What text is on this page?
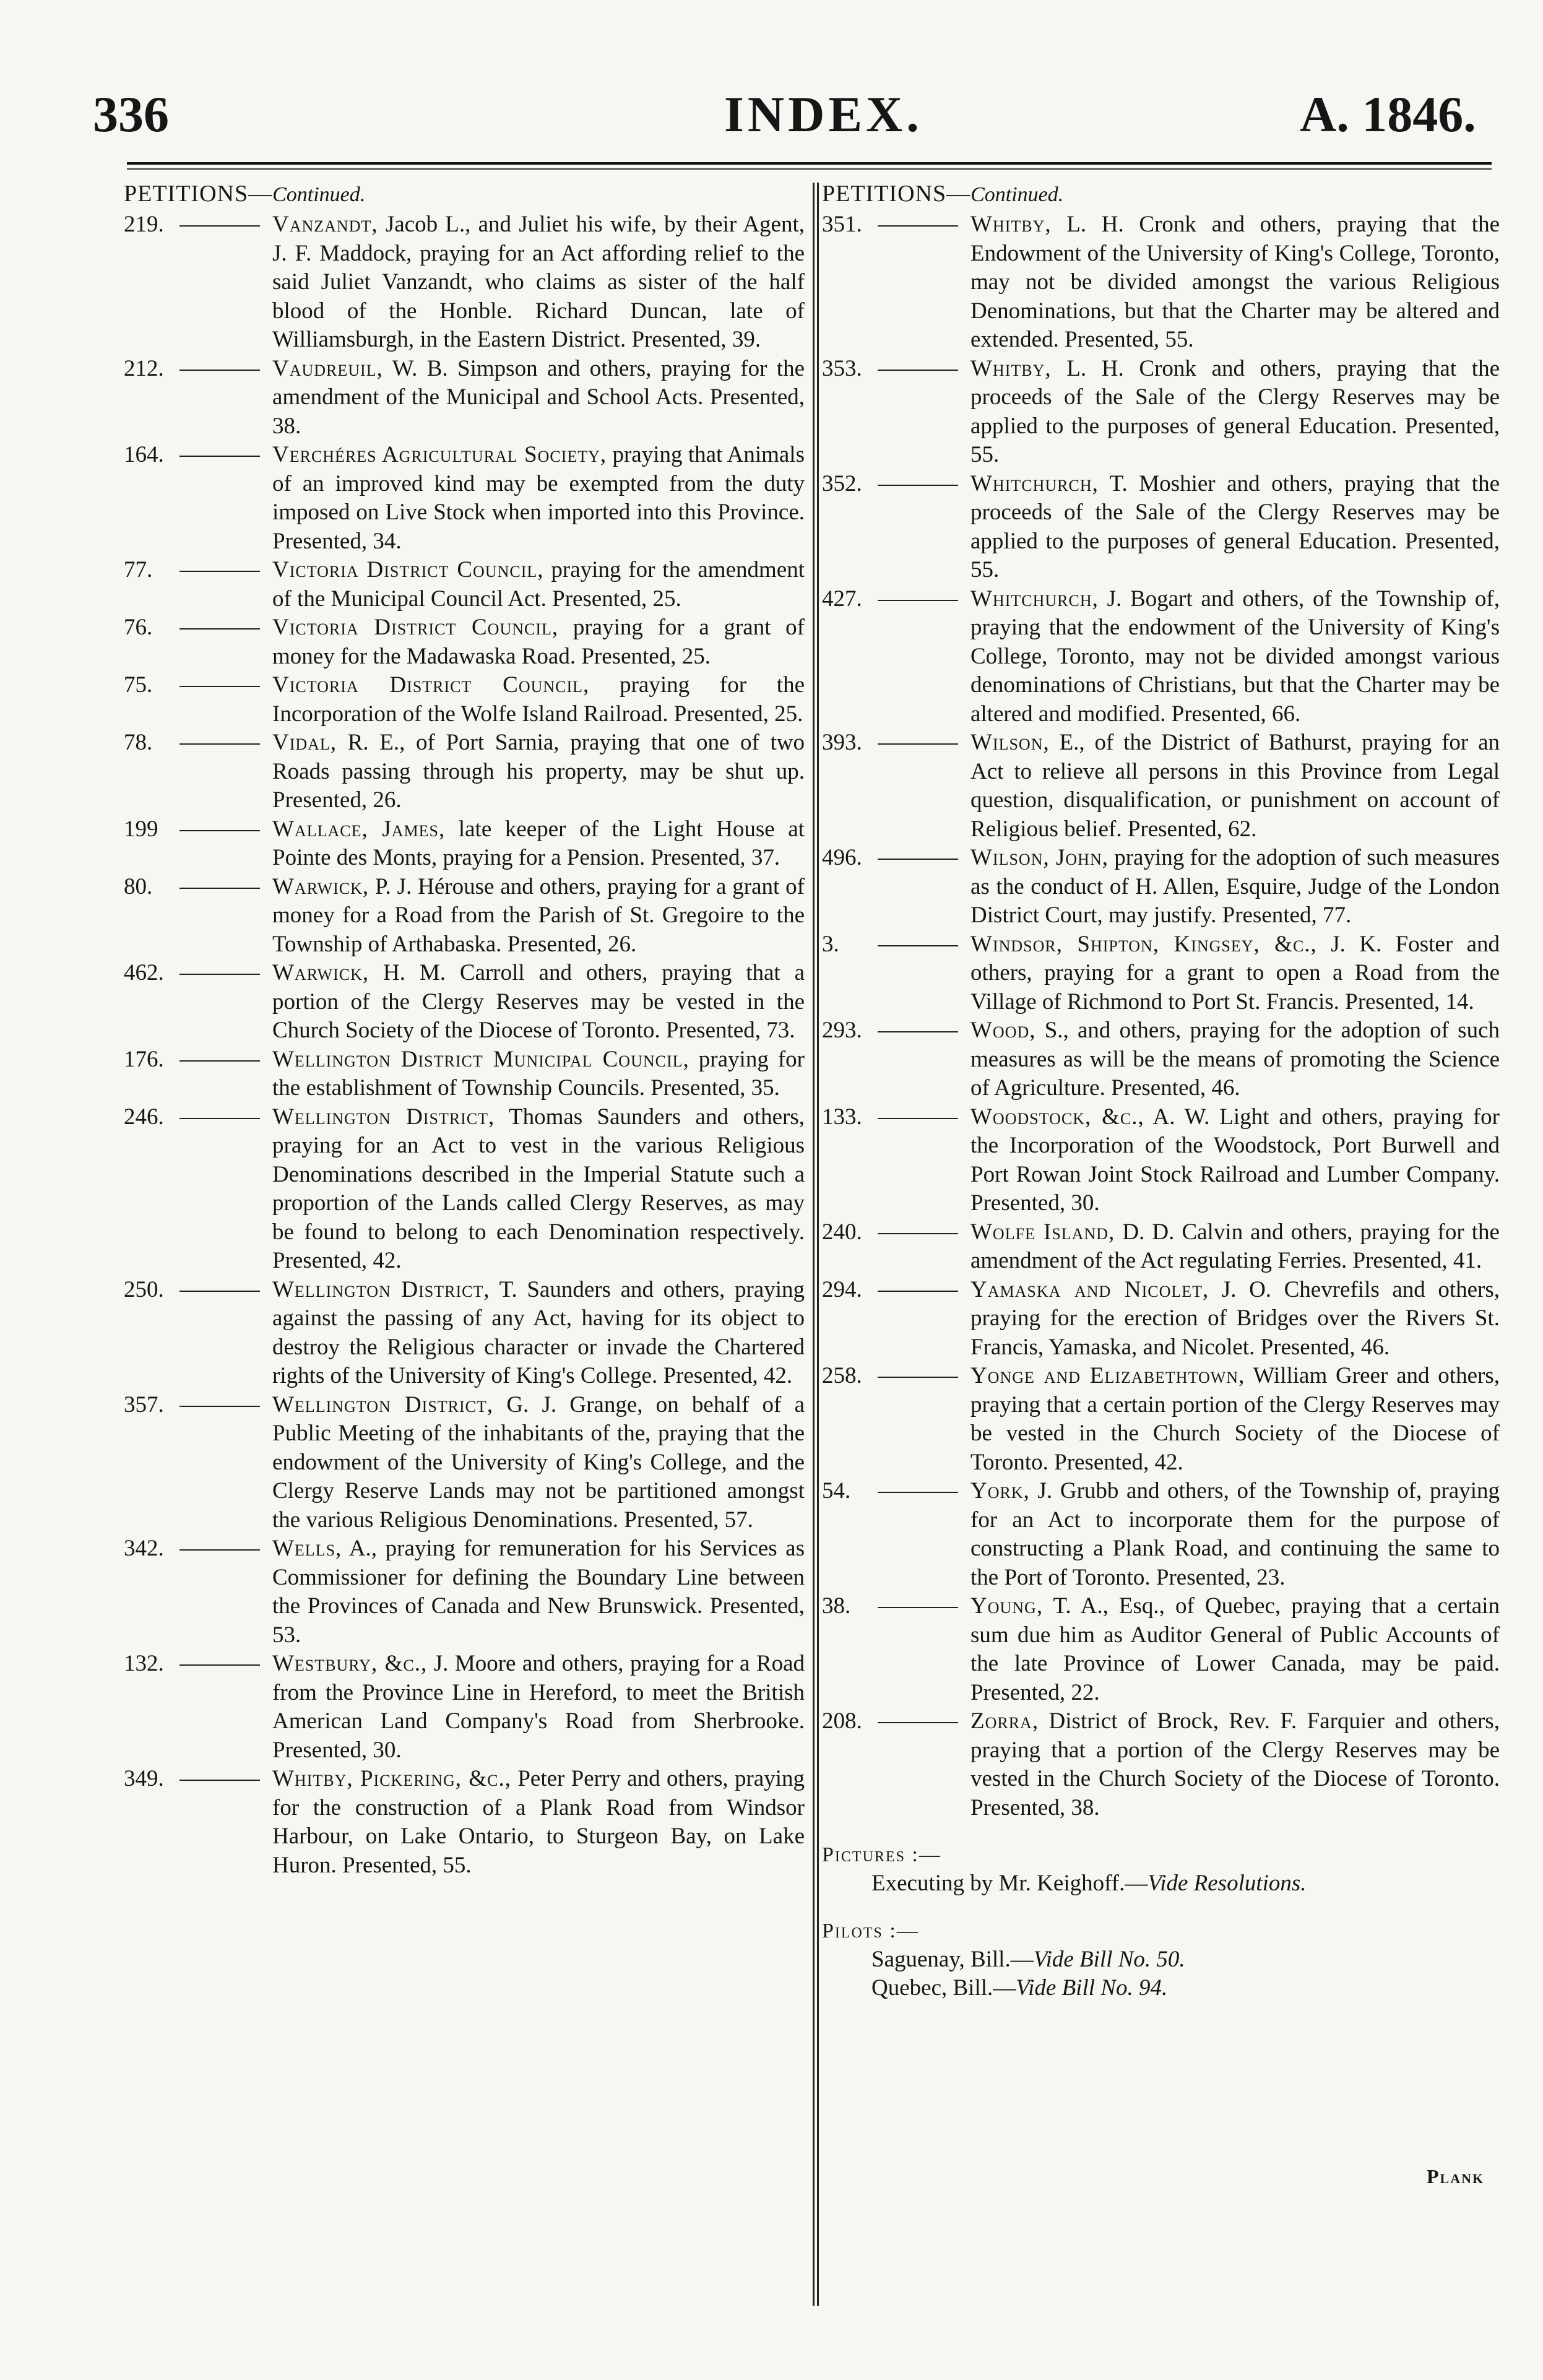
336	INDEX.	A. 1846.
PETITIONS—Continued.
219.	Vanzandt, Jacob L., and Juliet his wife, by their Agent, J. F. Maddock, praying for an Act affording relief to the said Juliet Vanzandt, who claims as sister of the half blood of the Honble. Richard Duncan, late of Williamsburgh, in the Eastern District. Presented, 39.
212.	Vaudreuil, W. B. Simpson and others, praying for the amendment of the Municipal and School Acts. Presented, 38.
164.	Verchéres Agricultural Society, praying that Animals of an improved kind may be exempted from the duty imposed on Live Stock when imported into this Province. Presented, 34.
77.	Victoria District Council, praying for the amendment of the Municipal Council Act. Presented, 25.
76.	Victoria District Council, praying for a grant of money for the Madawaska Road. Presented, 25.
75.	Victoria District Council, praying for the Incorporation of the Wolfe Island Railroad. Presented, 25.
78.	Vidal, R. E., of Port Sarnia, praying that one of two Roads passing through his property, may be shut up. Presented, 26.
199	Wallace, James, late keeper of the Light House at Pointe des Monts, praying for a Pension. Presented, 37.
80.	Warwick, P. J. Hérouse and others, praying for a grant of money for a Road from the Parish of St. Gregoire to the Township of Arthabaska. Presented, 26.
462.	Warwick, H. M. Carroll and others, praying that a portion of the Clergy Reserves may be vested in the Church Society of the Diocese of Toronto. Presented, 73.
176.	Wellington District Municipal Council, praying for the establishment of Township Councils. Presented, 35.
246.	Wellington District, Thomas Saunders and others, praying for an Act to vest in the various Religious Denominations described in the Imperial Statute such a proportion of the Lands called Clergy Reserves, as may be found to belong to each Denomination respectively. Presented, 42.
250.	Wellington District, T. Saunders and others, praying against the passing of any Act, having for its object to destroy the Religious character or invade the Chartered rights of the University of King's College. Presented, 42.
357.	Wellington District, G. J. Grange, on behalf of a Public Meeting of the inhabitants of the, praying that the endowment of the University of King's College, and the Clergy Reserve Lands may not be partitioned amongst the various Religious Denominations. Presented, 57.
342.	Wells, A., praying for remuneration for his Services as Commissioner for defining the Boundary Line between the Provinces of Canada and New Brunswick. Presented, 53.
132.	Westbury, &c., J. Moore and others, praying for a Road from the Province Line in Hereford, to meet the British American Land Company's Road from Sherbrooke. Presented, 30.
349.	Whitby, Pickering, &c., Peter Perry and others, praying for the construction of a Plank Road from Windsor Harbour, on Lake Ontario, to Sturgeon Bay, on Lake Huron. Presented, 55.
PETITIONS—Continued.
351.	Whitby, L. H. Cronk and others, praying that the Endowment of the University of King's College, Toronto, may not be divided amongst the various Religious Denominations, but that the Charter may be altered and extended. Presented, 55.
353.	Whitby, L. H. Cronk and others, praying that the proceeds of the Sale of the Clergy Reserves may be applied to the purposes of general Education. Presented, 55.
352.	Whitchurch, T. Moshier and others, praying that the proceeds of the Sale of the Clergy Reserves may be applied to the purposes of general Education. Presented, 55.
427.	Whitchurch, J. Bogart and others, of the Township of, praying that the endowment of the University of King's College, Toronto, may not be divided amongst various denominations of Christians, but that the Charter may be altered and modified. Presented, 66.
393.	Wilson, E., of the District of Bathurst, praying for an Act to relieve all persons in this Province from Legal question, disqualification, or punishment on account of Religious belief. Presented, 62.
496.	Wilson, John, praying for the adoption of such measures as the conduct of H. Allen, Esquire, Judge of the London District Court, may justify. Presented, 77.
3.	Windsor, Shipton, Kingsey, &c., J. K. Foster and others, praying for a grant to open a Road from the Village of Richmond to Port St. Francis. Presented, 14.
293.	Wood, S., and others, praying for the adoption of such measures as will be the means of promoting the Science of Agriculture. Presented, 46.
133.	Woodstock, &c., A. W. Light and others, praying for the Incorporation of the Woodstock, Port Burwell and Port Rowan Joint Stock Railroad and Lumber Company. Presented, 30.
240.	Wolfe Island, D. D. Calvin and others, praying for the amendment of the Act regulating Ferries. Presented, 41.
294.	Yamaska and Nicolet, J. O. Chevrefils and others, praying for the erection of Bridges over the Rivers St. Francis, Yamaska, and Nicolet. Presented, 46.
258.	Yonge and Elizabethtown, William Greer and others, praying that a certain portion of the Clergy Reserves may be vested in the Church Society of the Diocese of Toronto. Presented, 42.
54.	York, J. Grubb and others, of the Township of, praying for an Act to incorporate them for the purpose of constructing a Plank Road, and continuing the same to the Port of Toronto. Presented, 23.
38.	Young, T. A., Esq., of Quebec, praying that a certain sum due him as Auditor General of Public Accounts of the late Province of Lower Canada, may be paid. Presented, 22.
208.	Zorra, District of Brock, Rev. F. Farquier and others, praying that a portion of the Clergy Reserves may be vested in the Church Society of the Diocese of Toronto. Presented, 38.
Pictures :—
Executing by Mr. Keighoff.—Vide Resolutions.
Pilots :—
Saguenay, Bill.—Vide Bill No. 50.
Quebec, Bill.—Vide Bill No. 94.
Plank
